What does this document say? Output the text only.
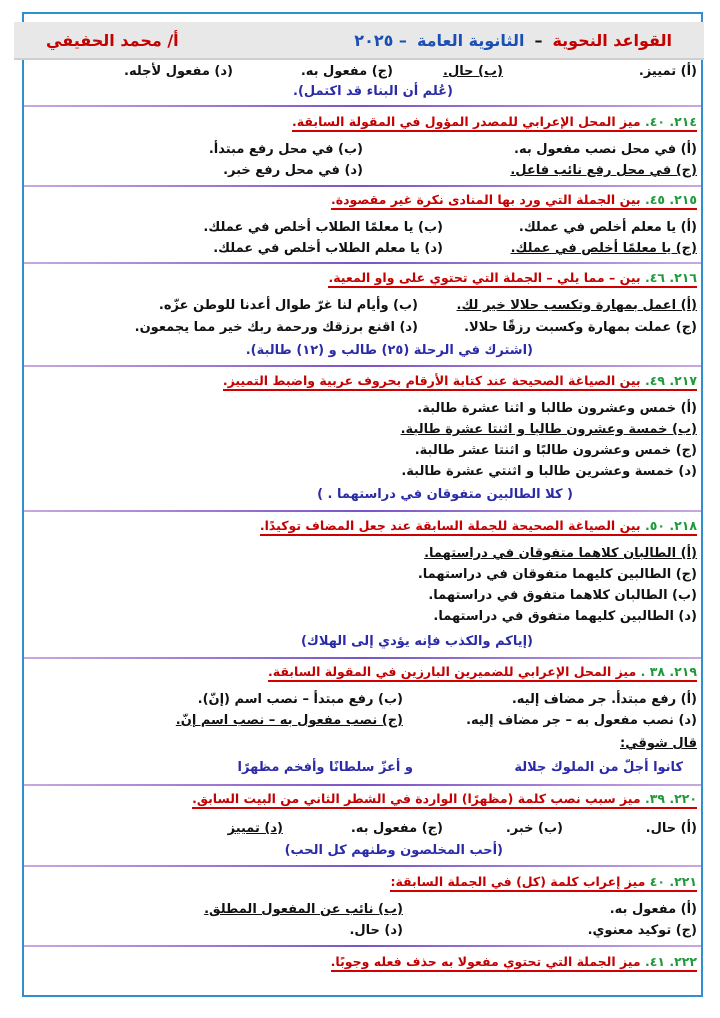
القواعد النحوية
–
الثانوية العامة
٢٠٢٥ –
أ/ محمد الحفيفي
(أ) تمييز.
(ب) حال.
(ج) مفعول به.
(د) مفعول لأجله.
(عُلم أن البناء قد اكتمل).
٢١٤. ٤٠. ميز المحل الإعرابي للمصدر المؤول في المقولة السابقة.
(أ) في محل نصب مفعول به.
(ب) في محل رفع مبتدأ.
(ج) في محل رفع نائب فاعل.
(د) في محل رفع خبر.
٢١٥. ٤٥. بين الجملة التي ورد بها المنادى نكرة غير مقصودة.
(أ) يا معلم أخلص في عملك.
(ب) يا معلمًا الطلاب أخلص في عملك.
(ج) يا معلمًا أخلص في عملك.
(د) يا معلم الطلاب أخلص في عملك.
٢١٦. ٤٦. بين – مما يلي – الجملة التي تحتوي على واو المعية.
(أ) اعمل بمهارة وتكسب حلالا خير لك.
(ب) وأيام لنا غرّ طوال أعدنا للوطن عزّه.
(ج) عملت بمهارة وكسبت رزقًا حلالا.
(د) اقنع برزقك ورحمة ربك خير مما يجمعون.
(اشترك في الرحلة (٢٥) طالب و (١٢) طالبة).
٢١٧. ٤٩. بين الصياغة الصحيحة عند كتابة الأرقام بحروف عربية واضبط التمييز.
(أ) خمس وعشرون طالبا و اثنا عشرة طالبة.
(ب) خمسة وعشرون طالبا و اثنتا عشرة طالبة.
(ج) خمس وعشرون طالبًا و اثنتا عشر طالبة.
(د) خمسة وعشرين طالبا و اثنتي عشرة طالبة.
( كلا الطالبين متفوقان في دراستهما . )
٢١٨. ٥٠. بين الصياغة الصحيحة للجملة السابقة عند جعل المضاف توكيدًا.
(أ) الطالبان كلاهما متفوقان في دراستهما.
(ج) الطالبين كليهما متفوقان في دراستهما.
(ب) الطالبان كلاهما متفوق في دراستهما.
(د) الطالبين كليهما متفوق في دراستهما.
(إياكم والكذب فإنه يؤدي إلى الهلاك)
٢١٩. ٣٨ . ميز المحل الإعرابي للضميرين البارزين في المقولة السابقة.
(أ) رفع مبتدأ. جر مضاف إليه.
(ب) رفع مبتدأ – نصب اسم (إنّ).
(د) نصب مفعول به – جر مضاف إليه.
(ج) نصب مفعول به – نصب اسم إنّ.
قال شوقي:
كانوا أجلّ من الملوك جلالة
و أعزّ سلطانًا وأفخم مظهرًا
٢٢٠. ٣٩. ميز سبب نصب كلمة (مظهرًا) الواردة في الشطر الثاني من البيت السابق.
(أ) حال.
(ب) خبر.
(ج) مفعول به.
(د) تمييز
(أحب المخلصون وطنهم كل الحب)
٢٢١. ٤٠ ميز إعراب كلمة (كل) في الجملة السابقة:
(أ) مفعول به.
(ب) نائب عن المفعول المطلق.
(ج) توكيد معنوي.
(د) حال.
٢٢٢. ٤١. ميز الجملة التي تحتوي مفعولا به حذف فعله وجوبًا.
